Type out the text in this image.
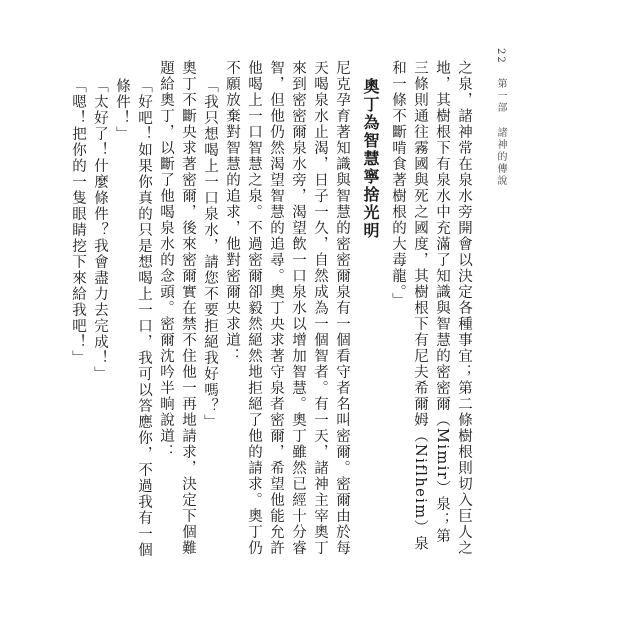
22 第一部 諸神的傳說

之泉，諸神常在泉水旁開會以決定各種事宜；第二條樹根則切入巨人之地，其樹根下有泉水中充滿了知識與智慧的密密爾（Mimir）泉；第三條則通往霧國與死之國度，其樹根下有尼夫希爾姆（Niflheim）泉和一條不斷啃食著樹根的大毒龍。」

奧丁為智慧寧捨光明

尼克孕育著知識與智慧的密密爾泉有一個看守者名叫密爾。密爾由於每天喝泉水止渴，日子一久，自然成為一個智者。有一天，諸神主宰奧丁來到密密爾泉水旁，渴望飲一口泉水以增加智慧。奧丁雖然已經十分睿智，但他仍然渴望智慧的追尋。奧丁央求著守泉者密爾，希望他能允許他喝上一口智慧之泉。不過密爾卻毅然絕然地拒絕了他的請求。奧丁仍不願放棄對智慧的追求，他對密爾央求道：

「我只想喝上一口泉水，請您不要拒絕我好嗎？」

奧丁不斷央求著密爾，後來密爾實在禁不住他一再地請求，決定下個難題給奧丁，以斷了他喝泉水的念頭。密爾沈吟半晌說道：

「好吧！如果你真的只是想喝上一口，我可以答應你，不過我有一個條件！」

「太好了！什麼條件？我會盡力去完成！」

「嗯！把你的一隻眼睛挖下來給我吧！」
